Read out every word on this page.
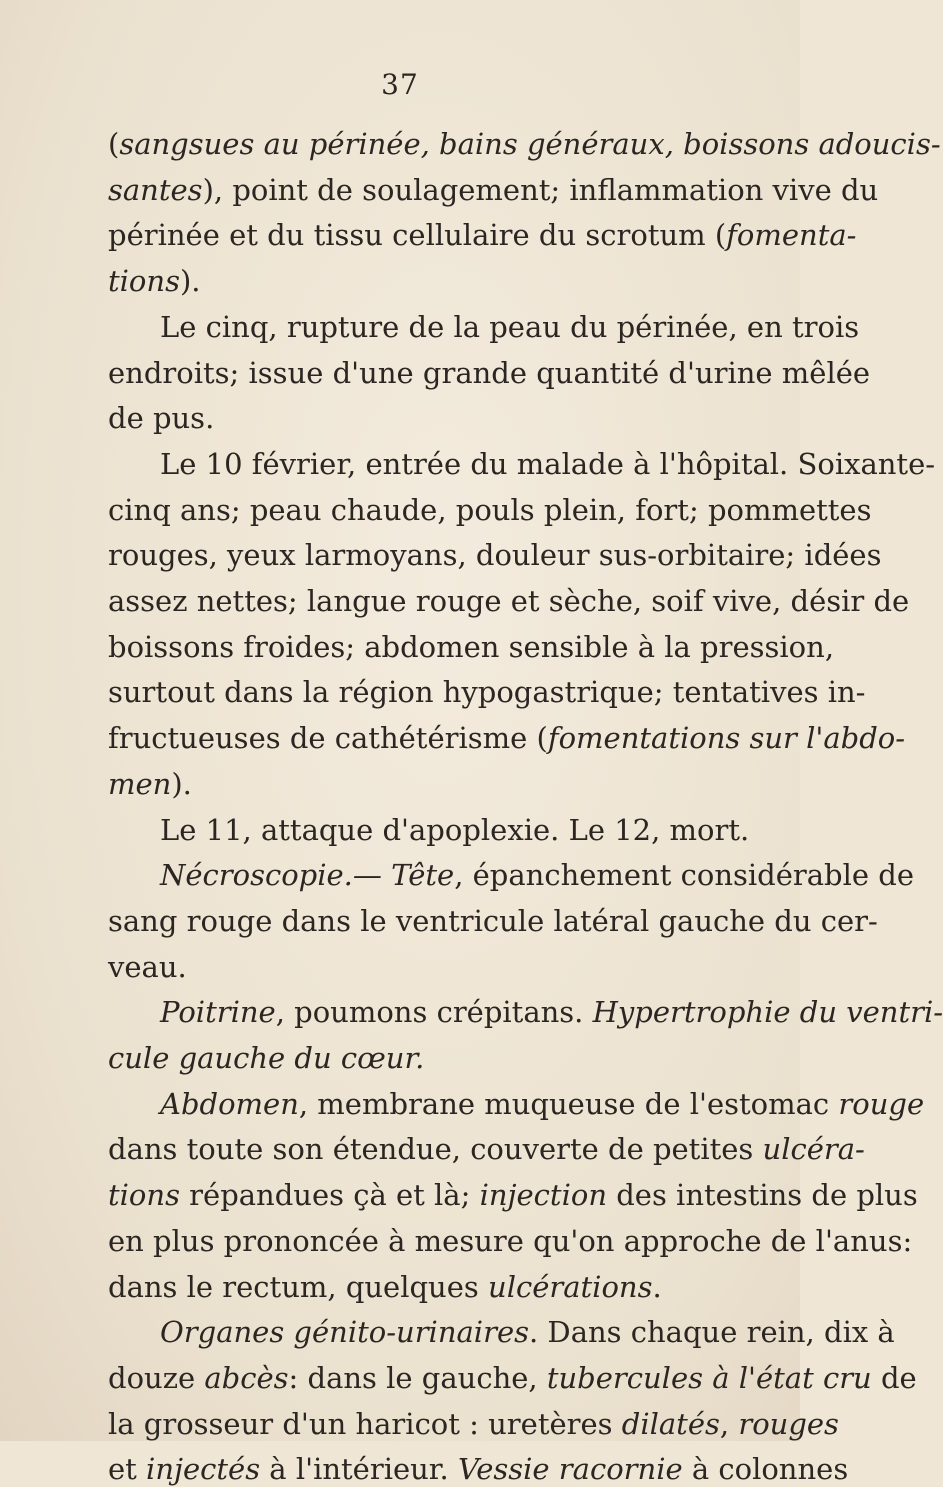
37
(sangsues au périnée, bains généraux, boissons adoucis-
santes), point de soulagement; inflammation vive du
périnée et du tissu cellulaire du scrotum (fomenta-
tions).
Le cinq, rupture de la peau du périnée, en trois
endroits; issue d'une grande quantité d'urine mêlée
de pus.
Le 10 février, entrée du malade à l'hôpital. Soixante-
cinq ans; peau chaude, pouls plein, fort; pommettes
rouges, yeux larmoyans, douleur sus-orbitaire; idées
assez nettes; langue rouge et sèche, soif vive, désir de
boissons froides; abdomen sensible à la pression,
surtout dans la région hypogastrique; tentatives in-
fructueuses de cathétérisme (fomentations sur l'abdo-
men).
Le 11, attaque d'apoplexie. Le 12, mort.
Nécroscopie.— Tête, épanchement considérable de
sang rouge dans le ventricule latéral gauche du cer-
veau.
Poitrine, poumons crépitans. Hypertrophie du ventri-
cule gauche du cœur.
Abdomen, membrane muqueuse de l'estomac rouge
dans toute son étendue, couverte de petites ulcéra-
tions répandues çà et là; injection des intestins de plus
en plus prononcée à mesure qu'on approche de l'anus:
dans le rectum, quelques ulcérations.
Organes génito-urinaires. Dans chaque rein, dix à
douze abcès: dans le gauche, tubercules à l'état cru de
la grosseur d'un haricot : uretères dilatés, rouges
et injectés à l'intérieur. Vessie racornie à colonnes
